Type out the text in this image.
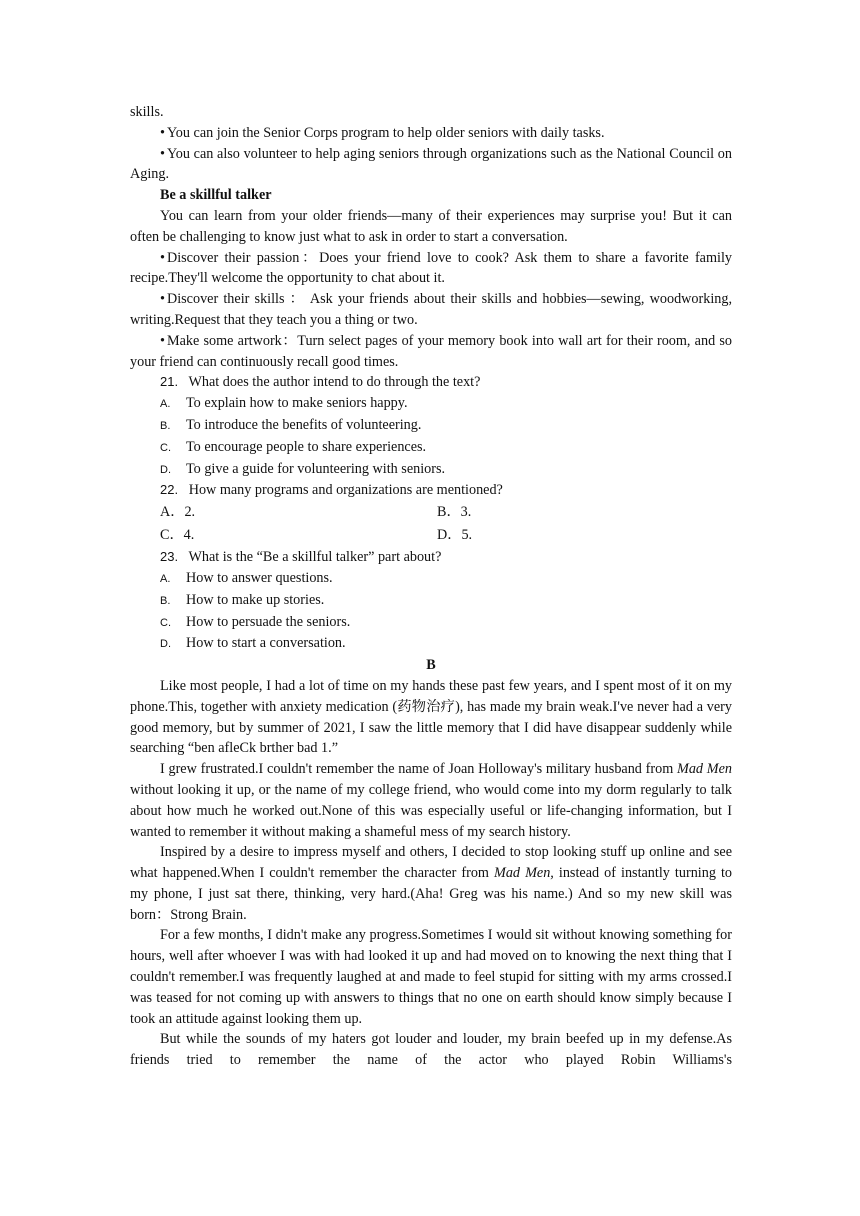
skills.

• You can join the Senior Corps program to help older seniors with daily tasks.

• You can also volunteer to help aging seniors through organizations such as the National Council on Aging.

Be a skillful talker

You can learn from your older friends—many of their experiences may surprise you! But it can often be challenging to know just what to ask in order to start a conversation.

• Discover their passion：Does your friend love to cook? Ask them to share a favorite family recipe.They'll welcome the opportunity to chat about it.

• Discover their skills ： Ask your friends about their skills and hobbies—sewing, woodworking, writing.Request that they teach you a thing or two.

• Make some artwork：Turn select pages of your memory book into wall art for their room, and so your friend can continuously recall good times.

21. What does the author intend to do through the text?

A. To explain how to make seniors happy.

B. To introduce the benefits of volunteering.

C. To encourage people to share experiences.

D. To give a guide for volunteering with seniors.

22. How many programs and organizations are mentioned?

A．2.	B．3.
C．4.	D．5.

23. What is the “Be a skillful talker” part about?

A. How to answer questions.

B. How to make up stories.

C. How to persuade the seniors.

D. How to start a conversation.

B

Like most people, I had a lot of time on my hands these past few years, and I spent most of it on my phone.This, together with anxiety medication (药物治疗), has made my brain weak.I've never had a very good memory, but by summer of 2021, I saw the little memory that I did have disappear suddenly while searching “ben afleCk brther bad 1.”

I grew frustrated.I couldn't remember the name of Joan Holloway's military husband from Mad Men without looking it up, or the name of my college friend, who would come into my dorm regularly to talk about how much he worked out.None of this was especially useful or life-changing information, but I wanted to remember it without making a shameful mess of my search history.

Inspired by a desire to impress myself and others, I decided to stop looking stuff up online and see what happened.When I couldn't remember the character from Mad Men, instead of instantly turning to my phone, I just sat there, thinking, very hard.(Aha! Greg was his name.) And so my new skill was born：Strong Brain.

For a few months, I didn't make any progress.Sometimes I would sit without knowing something for hours, well after whoever I was with had looked it up and had moved on to knowing the next thing that I couldn't remember.I was frequently laughed at and made to feel stupid for sitting with my arms crossed.I was teased for not coming up with answers to things that no one on earth should know simply because I took an attitude against looking them up.

But while the sounds of my haters got louder and louder, my brain beefed up in my defense.As friends tried to remember the name of the actor who played Robin Williams's
